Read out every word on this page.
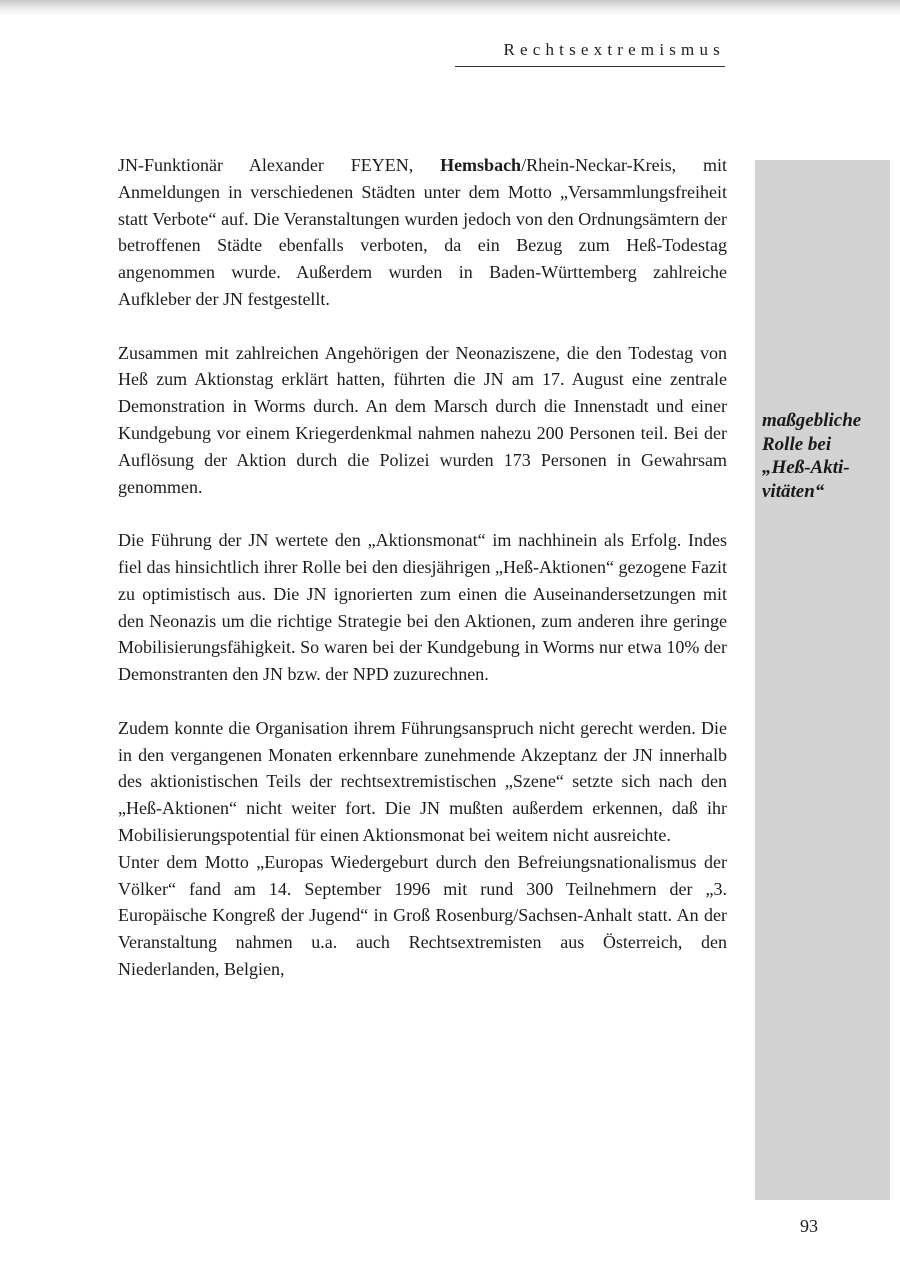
Rechtsextremismus
maßgebliche
Rolle bei
„Heß-Akti-
vitäten“

JN-Funktionär Alexander FEYEN, Hemsbach/Rhein-Neckar-Kreis, mit Anmeldungen in verschiedenen Städten unter dem Motto „Versammlungsfreiheit statt Verbote“ auf. Die Veranstaltungen wurden jedoch von den Ordnungsämtern der betroffenen Städte ebenfalls verboten, da ein Bezug zum Heß-Todestag angenommen wurde. Außerdem wurden in Baden-Württemberg zahlreiche Aufkleber der JN festgestellt.

Zusammen mit zahlreichen Angehörigen der Neonaziszene, die den Todestag von Heß zum Aktionstag erklärt hatten, führten die JN am 17. August eine zentrale Demonstration in Worms durch. An dem Marsch durch die Innenstadt und einer Kundgebung vor einem Kriegerdenkmal nahmen nahezu 200 Personen teil. Bei der Auflösung der Aktion durch die Polizei wurden 173 Personen in Gewahrsam genommen.

Die Führung der JN wertete den „Aktionsmonat“ im nachhinein als Erfolg. Indes fiel das hinsichtlich ihrer Rolle bei den diesjährigen „Heß-Aktionen“ gezogene Fazit zu optimistisch aus. Die JN ignorierten zum einen die Auseinandersetzungen mit den Neonazis um die richtige Strategie bei den Aktionen, zum anderen ihre geringe Mobilisierungsfähigkeit. So waren bei der Kundgebung in Worms nur etwa 10% der Demonstranten den JN bzw. der NPD zuzurechnen.

Zudem konnte die Organisation ihrem Führungsanspruch nicht gerecht werden. Die in den vergangenen Monaten erkennbare zunehmende Akzeptanz der JN innerhalb des aktionistischen Teils der rechtsextremistischen „Szene“ setzte sich nach den „Heß-Aktionen“ nicht weiter fort. Die JN mußten außerdem erkennen, daß ihr Mobilisierungspotential für einen Aktionsmonat bei weitem nicht ausreichte.

Unter dem Motto „Europas Wiedergeburt durch den Befreiungsnationalismus der Völker“ fand am 14. September 1996 mit rund 300 Teilnehmern der „3. Europäische Kongreß der Jugend“ in Groß Rosenburg/Sachsen-Anhalt statt. An der Veranstaltung nahmen u.a. auch Rechtsextremisten aus Österreich, den Niederlanden, Belgien,

93
